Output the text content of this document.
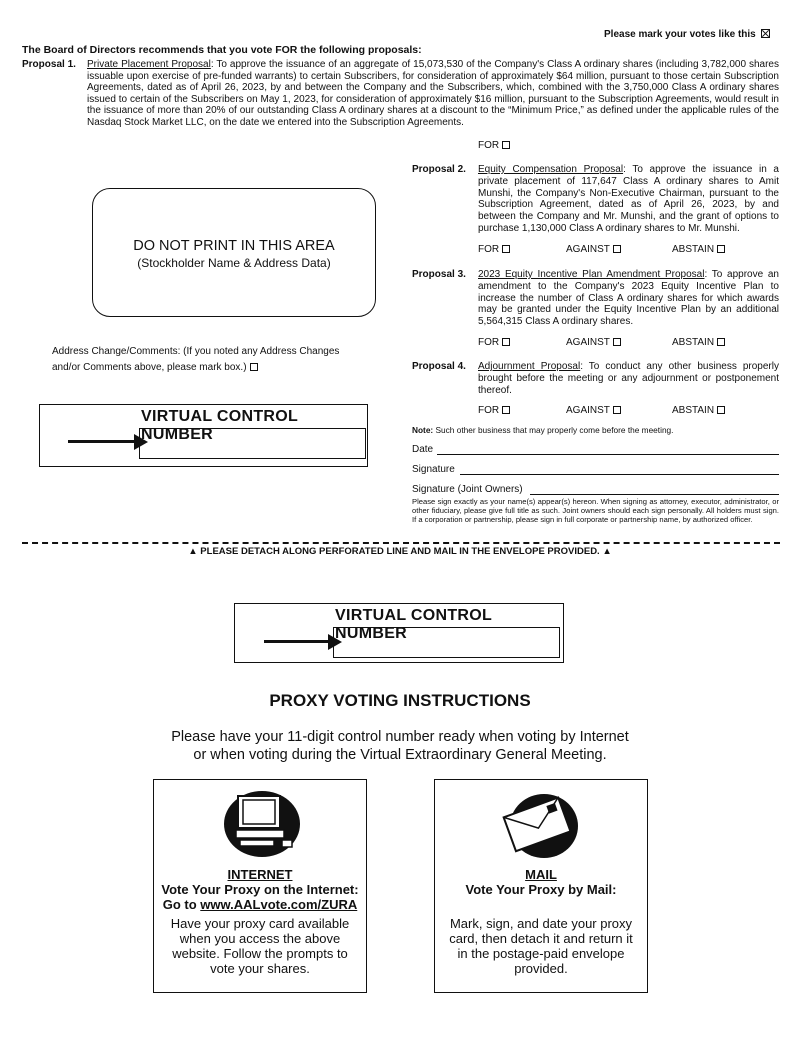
Please mark your votes like this
The Board of Directors recommends that you vote FOR the following proposals:
Proposal 1. Private Placement Proposal: To approve the issuance of an aggregate of 15,073,530 of the Company's Class A ordinary shares (including 3,782,000 shares issuable upon exercise of pre-funded warrants) to certain Subscribers, for consideration of approximately $64 million, pursuant to those certain Subscription Agreements, dated as of April 26, 2023, by and between the Company and the Subscribers, which, combined with the 3,750,000 Class A ordinary shares issued to certain of the Subscribers on May 1, 2023, for consideration of approximately $16 million, pursuant to the Subscription Agreements, would result in the issuance of more than 20% of our outstanding Class A ordinary shares at a discount to the “Minimum Price,” as defined under the applicable rules of the Nasdaq Stock Market LLC, on the date we entered into the Subscription Agreements.
FOR
Proposal 2. Equity Compensation Proposal: To approve the issuance in a private placement of 117,647 Class A ordinary shares to Amit Munshi, the Company's Non-Executive Chairman, pursuant to the Subscription Agreement, dated as of April 26, 2023, by and between the Company and Mr. Munshi, and the grant of options to purchase 1,130,000 Class A ordinary shares to Mr. Munshi.
FOR	AGAINST	ABSTAIN
Proposal 3. 2023 Equity Incentive Plan Amendment Proposal: To approve an amendment to the Company's 2023 Equity Incentive Plan to increase the number of Class A ordinary shares for which awards may be granted under the Equity Incentive Plan by an additional 5,564,315 Class A ordinary shares.
FOR	AGAINST	ABSTAIN
Proposal 4. Adjournment Proposal: To conduct any other business properly brought before the meeting or any adjournment or postponement thereof.
FOR	AGAINST	ABSTAIN
DO NOT PRINT IN THIS AREA
(Stockholder Name & Address Data)
Address Change/Comments: (If you noted any Address Changes
and/or Comments above, please mark box.)
VIRTUAL CONTROL NUMBER	Note: Such other business that may properly come before the meeting.
Date
Signature
Signature (Joint Owners)
Please sign exactly as your name(s) appear(s) hereon. When signing as attorney, executor, administrator, or other fiduciary, please give full title as such. Joint owners should each sign personally. All holders must sign. If a corporation or partnership, please sign in full corporate or partnership name, by authorized officer.
▲ PLEASE DETACH ALONG PERFORATED LINE AND MAIL IN THE ENVELOPE PROVIDED. ▲
VIRTUAL CONTROL NUMBER
PROXY VOTING INSTRUCTIONS
Please have your 11-digit control number ready when voting by Internet
or when voting during the Virtual Extraordinary General Meeting.
INTERNET
Vote Your Proxy on the Internet:
Go to www.AALvote.com/ZURA
Have your proxy card available when you access the above website. Follow the prompts to vote your shares.
MAIL
Vote Your Proxy by Mail:
Mark, sign, and date your proxy card, then detach it and return it in the postage-paid envelope provided.
